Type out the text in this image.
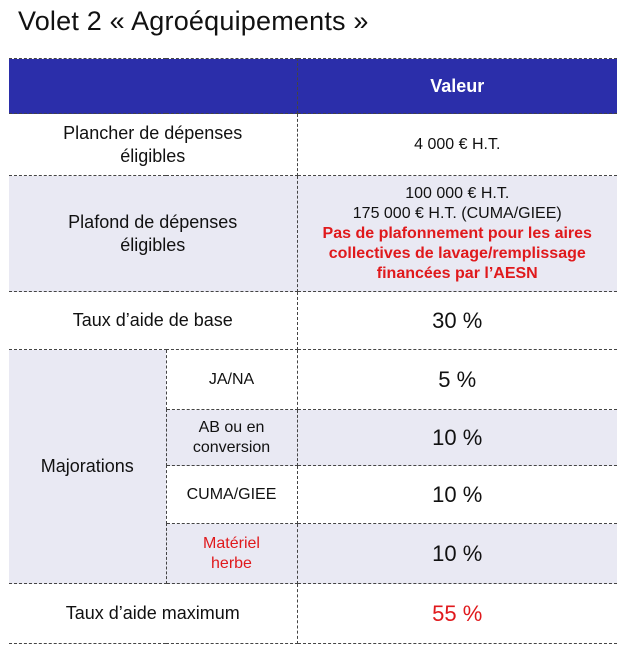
Volet 2 « Agroéquipements »
		Valeur

Plancher de dépenses
éligibles		4 000 € H.T.

Plafond de dépenses
éligibles		100 000 € H.T.
175 000 € H.T. (CUMA/GIEE)
Pas de plafonnement pour les aires
collectives de lavage/remplissage
financées par l’AESN

Taux d’aide de base		30 %
Majorations	JA/NA	5 %

	AB ou en
conversion	10 %

	CUMA/GIEE	10 %

	Matériel
herbe	10 %
Taux d’aide maximum		55 %
